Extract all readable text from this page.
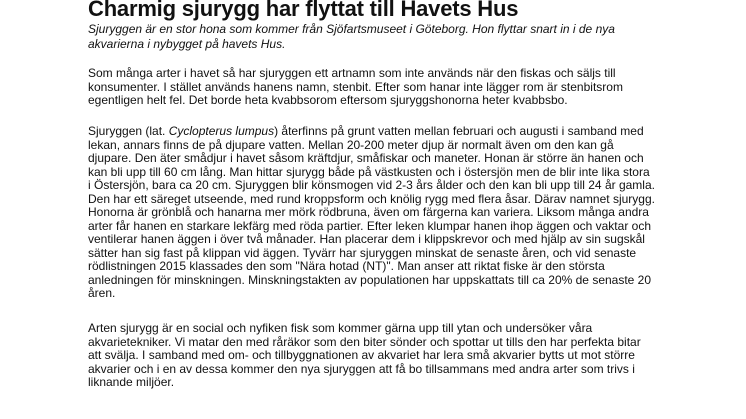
Charmig sjurygg har flyttat till Havets Hus

Sjuryggen är en stor hona som kommer från Sjöfartsmuseet i Göteborg. Hon flyttar snart in i de nya
akvarierna i nybygget på havets Hus.

Som många arter i havet så har sjuryggen ett artnamn som inte används när den fiskas och säljs till
konsumenter. I stället används hanens namn, stenbit. Efter som hanar inte lägger rom är stenbitsrom
egentligen helt fel. Det borde heta kvabbsorom eftersom sjuryggshonorna heter kvabbsbo.

Sjuryggen (lat. Cyclopterus lumpus) återfinns på grunt vatten mellan februari och augusti i samband med
lekan, annars finns de på djupare vatten. Mellan 20-200 meter djup är normalt även om den kan gå
djupare. Den äter smådjur i havet såsom kräftdjur, småfiskar och maneter. Honan är större än hanen och
kan bli upp till 60 cm lång. Man hittar sjurygg både på västkusten och i östersjön men de blir inte lika stora
i Östersjön, bara ca 20 cm. Sjuryggen blir könsmogen vid 2-3 års ålder och den kan bli upp till 24 år gamla.
Den har ett säreget utseende, med rund kroppsform och knölig rygg med flera åsar. Därav namnet sjurygg.
Honorna är grönblå och hanarna mer mörk rödbruna, även om färgerna kan variera. Liksom många andra
arter får hanen en starkare lekfärg med röda partier. Efter leken klumpar hanen ihop äggen och vaktar och
ventilerar hanen äggen i över två månader. Han placerar dem i klippskrevor och med hjälp av sin sugskål
sätter han sig fast på klippan vid äggen. Tyvärr har sjuryggen minskat de senaste åren, och vid senaste
rödlistningen 2015 klassades den som "Nära hotad (NT)". Man anser att riktat fiske är den största
anledningen för minskningen. Minskningstakten av populationen har uppskattats till ca 20% de senaste 20
åren.

Arten sjurygg är en social och nyfiken fisk som kommer gärna upp till ytan och undersöker våra
akvarietekniker. Vi matar den med råräkor som den biter sönder och spottar ut tills den har perfekta bitar
att svälja. I samband med om- och tillbyggnationen av akvariet har lera små akvarier bytts ut mot större
akvarier och i en av dessa kommer den nya sjuryggen att få bo tillsammans med andra arter som trivs i
liknande miljöer.
